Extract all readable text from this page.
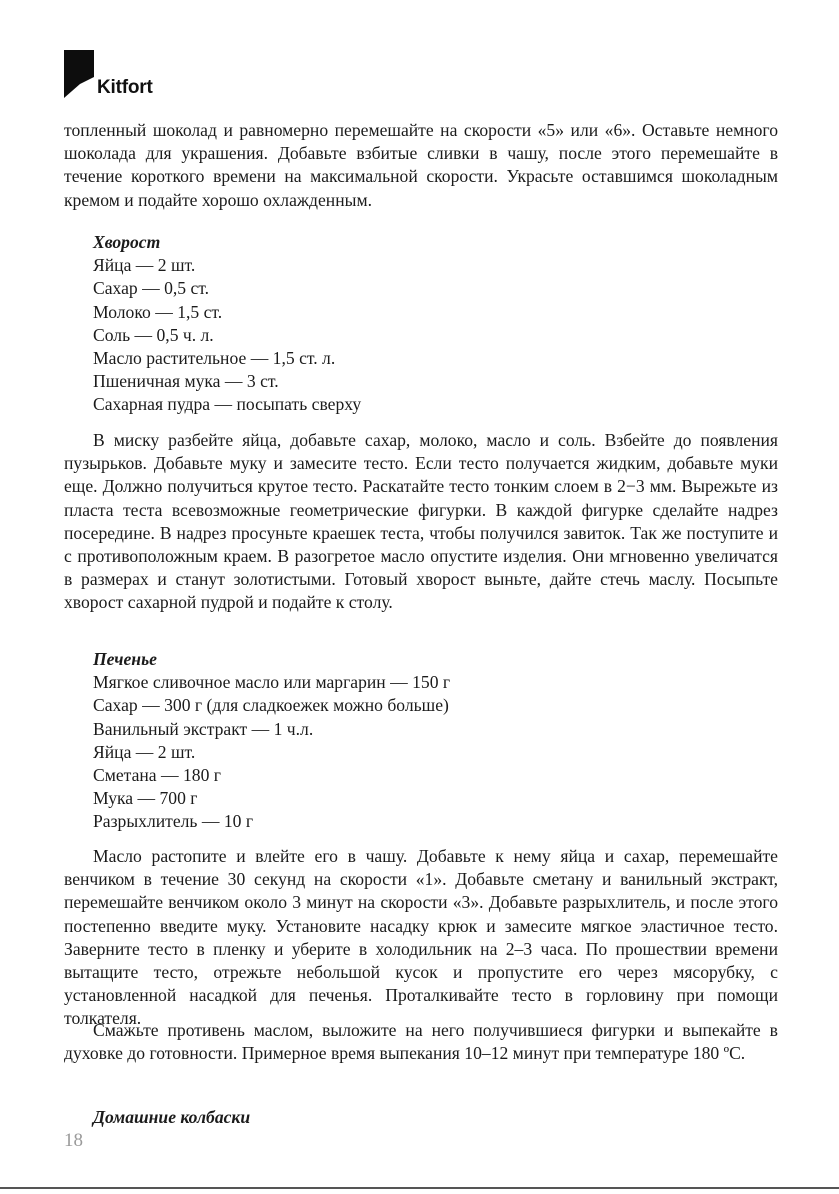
Kitfort

топленный шоколад и равномерно перемешайте на скорости «5» или «6». Оставьте немного шоколада для украшения. Добавьте взбитые сливки в чашу, после этого перемешайте в течение короткого времени на максимальной скорости. Украсьте оставшимся шоколадным кремом и подайте хорошо охлажденным.

Хворост
Яйца — 2 шт.
Сахар — 0,5 ст.
Молоко — 1,5 ст.
Соль — 0,5 ч. л.
Масло растительное — 1,5 ст. л.
Пшеничная мука — 3 ст.
Сахарная пудра — посыпать сверху

В миску разбейте яйца, добавьте сахар, молоко, масло и соль. Взбейте до появления пузырьков. Добавьте муку и замесите тесто. Если тесто получается жидким, добавьте муки еще. Должно получиться крутое тесто. Раскатайте тесто тонким слоем в 2−3 мм. Вырежьте из пласта теста всевозможные геометрические фигурки. В каждой фигурке сделайте надрез посередине. В надрез просуньте краешек теста, чтобы получился завиток. Так же поступите и с противоположным краем. В разогретое масло опустите изделия. Они мгновенно увеличатся в размерах и станут золотистыми. Готовый хворост выньте, дайте стечь маслу. Посыпьте хворост сахарной пудрой и подайте к столу.

Печенье
Мягкое сливочное масло или маргарин — 150 г
Сахар — 300 г (для сладкоежек можно больше)
Ванильный экстракт — 1 ч.л.
Яйца — 2 шт.
Сметана — 180 г
Мука — 700 г
Разрыхлитель — 10 г

Масло растопите и влейте его в чашу. Добавьте к нему яйца и сахар, перемешайте венчиком в течение 30 секунд на скорости «1». Добавьте сметану и ванильный экстракт, перемешайте венчиком около 3 минут на скорости «3». Добавьте разрыхлитель, и после этого постепенно введите муку. Установите насадку крюк и замесите мягкое эластичное тесто. Заверните тесто в пленку и уберите в холодильник на 2–3 часа. По прошествии времени вытащите тесто, отрежьте небольшой кусок и пропустите его через мясорубку, с установленной насадкой для печенья. Проталкивайте тесто в горловину при помощи толкателя.

Смажьте противень маслом, выложите на него получившиеся фигурки и выпекайте в духовке до готовности. Примерное время выпекания 10–12 минут при температуре 180 ºC.

Домашние колбаски
18
